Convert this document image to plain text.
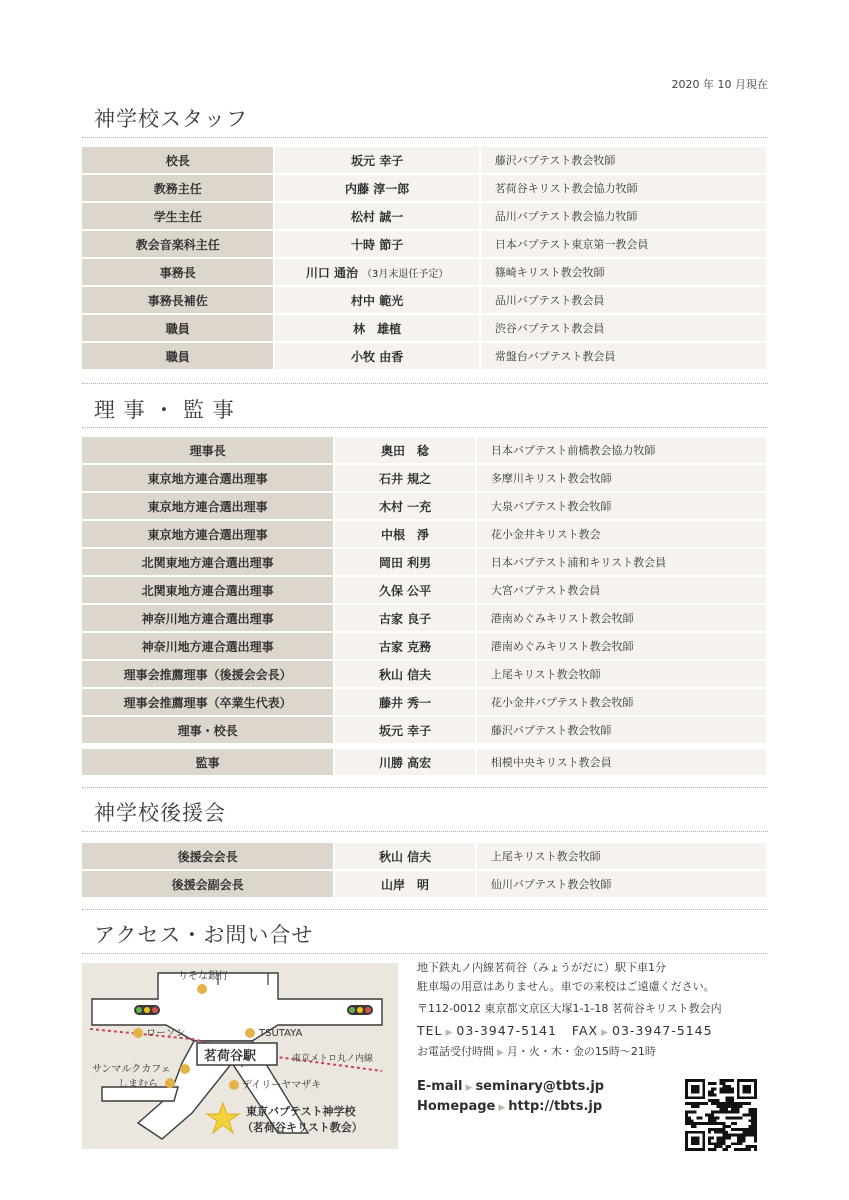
2020 年 10 月現在
神学校スタッフ
校長	坂元 幸子	藤沢バプテスト教会牧師
教務主任	内藤 淳一郎	茗荷谷キリスト教会協力牧師
学生主任	松村 誠一	品川バプテスト教会協力牧師
教会音楽科主任	十時 節子	日本バプテスト東京第一教会員
事務長	川口 通治 （3月末退任予定）	篠崎キリスト教会牧師
事務長補佐	村中 範光	品川バプテスト教会員
職員	林　雄植	渋谷バプテスト教会員
職員	小牧 由香	常盤台バプテスト教会員
理 事 ・ 監 事
理事長	奥田　稔	日本バプテスト前橋教会協力牧師
東京地方連合選出理事	石井 規之	多摩川キリスト教会牧師
東京地方連合選出理事	木村 一充	大泉バプテスト教会牧師
東京地方連合選出理事	中根　淨	花小金井キリスト教会
北関東地方連合選出理事	岡田 利男	日本バプテスト浦和キリスト教会員
北関東地方連合選出理事	久保 公平	大宮バプテスト教会員
神奈川地方連合選出理事	古家 良子	港南めぐみキリスト教会牧師
神奈川地方連合選出理事	古家 克務	港南めぐみキリスト教会牧師
理事会推薦理事（後援会会長）	秋山 信夫	上尾キリスト教会牧師
理事会推薦理事（卒業生代表）	藤井 秀一	花小金井バプテスト教会牧師
理事・校長	坂元 幸子	藤沢バプテスト教会牧師
監事	川勝 高宏	相模中央キリスト教会員
神学校後援会
後援会会長	秋山 信夫	上尾キリスト教会牧師
後援会副会長	山岸　明	仙川バプテスト教会牧師
アクセス・お問い合せ
りそな銀行
ローソン	TSUTAYA
サンマルクカフェ
しまむら	デイリーヤマザキ
東京メトロ丸ノ内線
茗荷谷駅
東京バプテスト神学校
（茗荷谷キリスト教会）

地下鉄丸ノ内線茗荷谷（みょうがだに）駅下車1分

駐車場の用意はありません。車での来校はご遠慮ください。

〒112-0012 東京都文京区大塚1-1-18 茗荷谷キリスト教会内

TEL ▶ 03-3947-5141 FAX ▶ 03-3947-5145

お電話受付時間 ▶ 月・火・木・金の15時〜21時

E-mail ▶ seminary@tbts.jp
Homepage ▶ http://tbts.jp
